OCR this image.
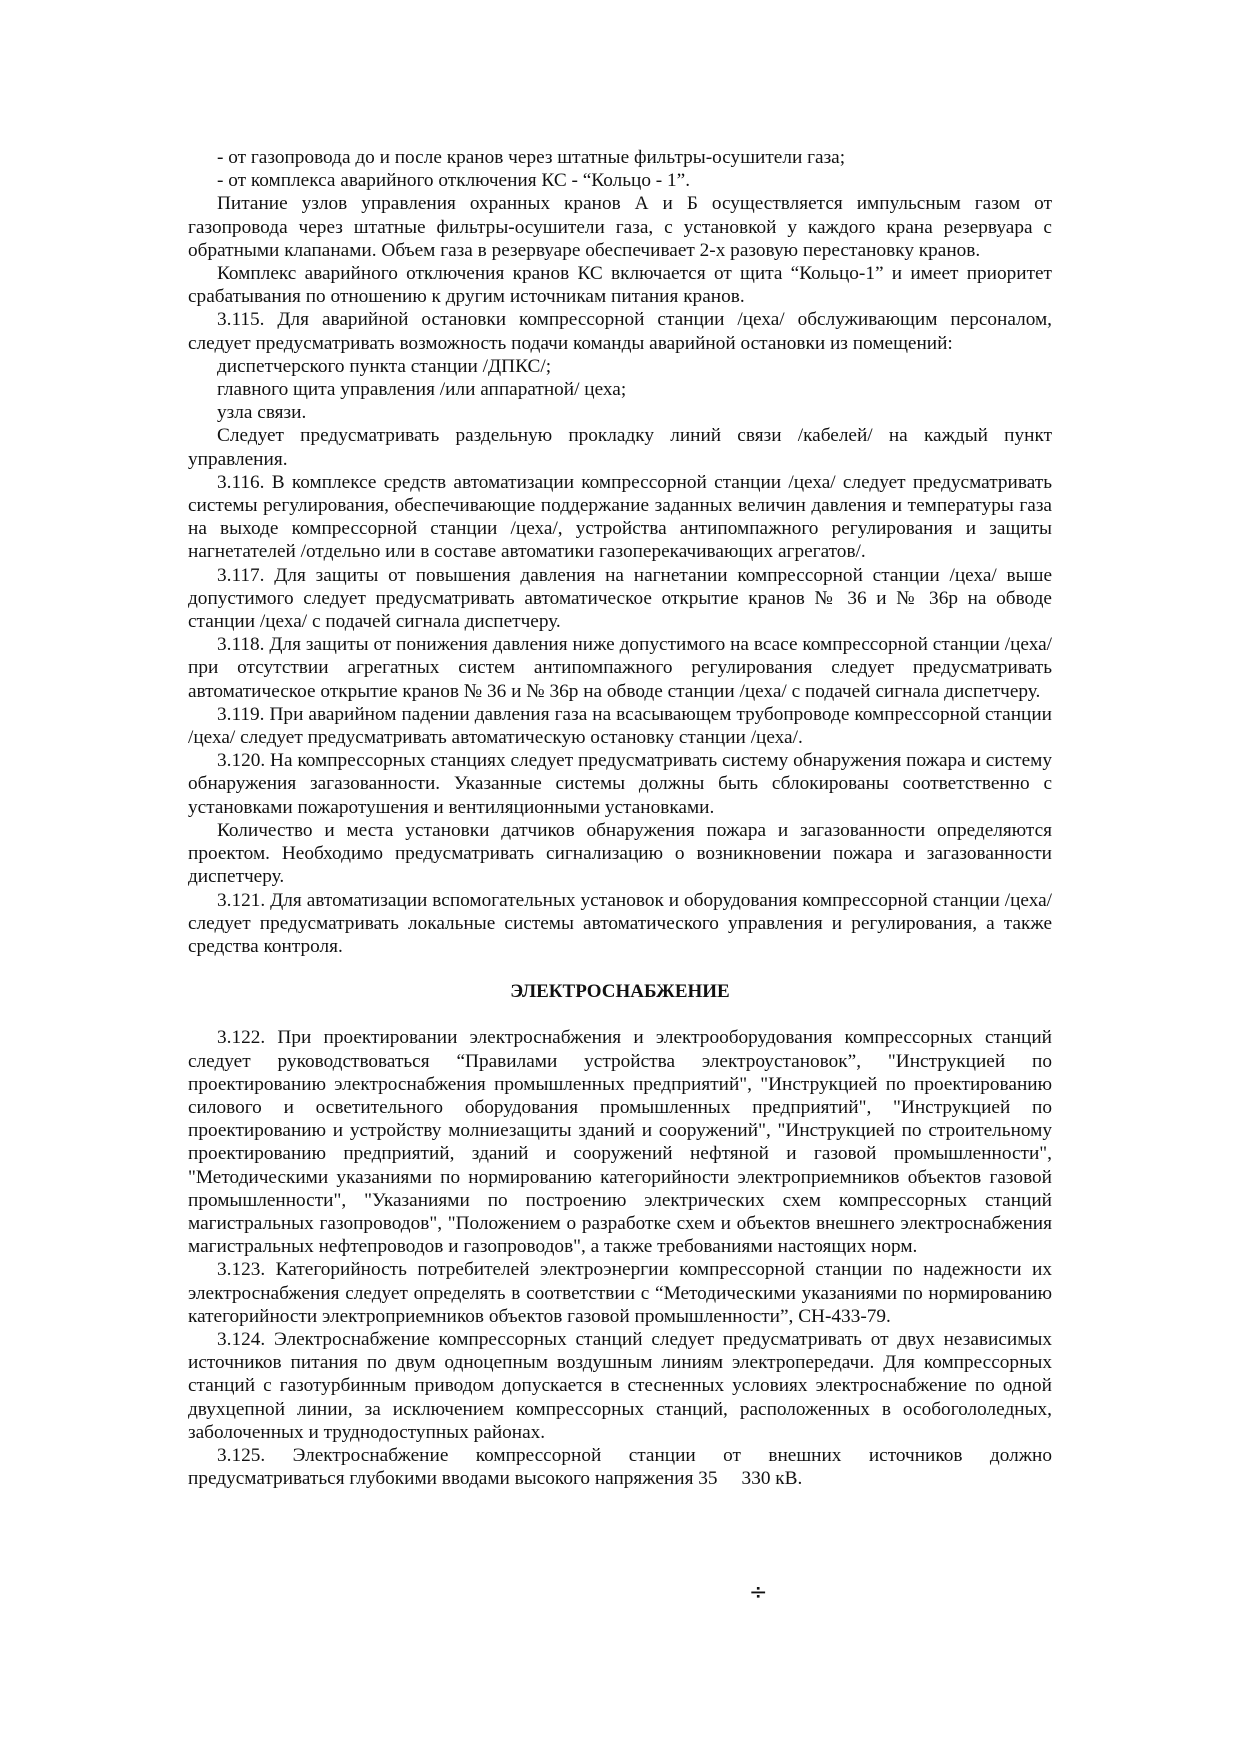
- от газопровода до и после кранов через штатные фильтры-осушители газа;

- от комплекса аварийного отключения КС - “Кольцо - 1”.

Питание узлов управления охранных кранов А и Б осуществляется импульсным газом от газопровода через штатные фильтры-осушители газа, с установкой у каждого крана резервуара с обратными клапанами. Объем газа в резервуаре обеспечивает 2-х разовую перестановку кранов.

Комплекс аварийного отключения кранов КС включается от щита “Кольцо-1” и имеет приоритет срабатывания по отношению к другим источникам питания кранов.

3.115. Для аварийной остановки компрессорной станции /цеха/ обслуживающим персоналом, следует предусматривать возможность подачи команды аварийной остановки из помещений:

диспетчерского пункта станции /ДПКС/;

главного щита управления /или аппаратной/ цеха;

узла связи.

Следует предусматривать раздельную прокладку линий связи /кабелей/ на каждый пункт управления.

3.116. В комплексе средств автоматизации компрессорной станции /цеха/ следует предусматривать системы регулирования, обеспечивающие поддержание заданных величин давления и температуры газа на выходе компрессорной станции /цеха/, устройства антипомпажного регулирования и защиты нагнетателей /отдельно или в составе автоматики газоперекачивающих агрегатов/.

3.117. Для защиты от повышения давления на нагнетании компрессорной станции /цеха/ выше допустимого следует предусматривать автоматическое открытие кранов № 36 и № 36р на обводе станции /цеха/ с подачей сигнала диспетчеру.

3.118. Для защиты от понижения давления ниже допустимого на всасе компрессорной станции /цеха/ при отсутствии агрегатных систем антипомпажного регулирования следует предусматривать автоматическое открытие кранов № 36 и № 36р на обводе станции /цеха/ с подачей сигнала диспетчеру.

3.119. При аварийном падении давления газа на всасывающем трубопроводе компрессорной станции /цеха/ следует предусматривать автоматическую остановку станции /цеха/.

3.120. На компрессорных станциях следует предусматривать систему обнаружения пожара и систему обнаружения загазованности. Указанные системы должны быть сблокированы соответственно с установками пожаротушения и вентиляционными установками.

Количество и места установки датчиков обнаружения пожара и загазованности определяются проектом. Необходимо предусматривать сигнализацию о возникновении пожара и загазованности диспетчеру.

3.121. Для автоматизации вспомогательных установок и оборудования компрессорной станции /цеха/ следует предусматривать локальные системы автоматического управления и регулирования, а также средства контроля.

ЭЛЕКТРОСНАБЖЕНИЕ

3.122. При проектировании электроснабжения и электрооборудования компрессорных станций следует руководствоваться “Правилами устройства электроустановок”, "Инструкцией по проектированию электроснабжения промышленных предприятий", "Инструкцией по проектированию силового и осветительного оборудования промышленных предприятий", "Инструкцией по проектированию и устройству молниезащиты зданий и сооружений", "Инструкцией по строительному проектированию предприятий, зданий и сооружений нефтяной и газовой промышленности", "Методическими указаниями по нормированию категорийности электроприемников объектов газовой промышленности", "Указаниями по построению электрических схем компрессорных станций магистральных газопроводов", "Положением о разработке схем и объектов внешнего электроснабжения магистральных нефтепроводов и газопроводов", а также требованиями настоящих норм.

3.123. Категорийность потребителей электроэнергии компрессорной станции по надежности их электроснабжения следует определять в соответствии с “Методическими указаниями по нормированию категорийности электроприемников объектов газовой промышленности”, СН-433-79.

3.124. Электроснабжение компрессорных станций следует предусматривать от двух независимых источников питания по двум одноцепным воздушным линиям электропередачи. Для компрессорных станций с газотурбинным приводом допускается в стесненных условиях электроснабжение по одной двухцепной линии, за исключением компрессорных станций, расположенных в особогололедных, заболоченных и труднодоступных районах.

3.125. Электроснабжение компрессорной станции от внешних источников должно предусматриваться глубокими вводами высокого напряжения 35 330 кВ.

÷
